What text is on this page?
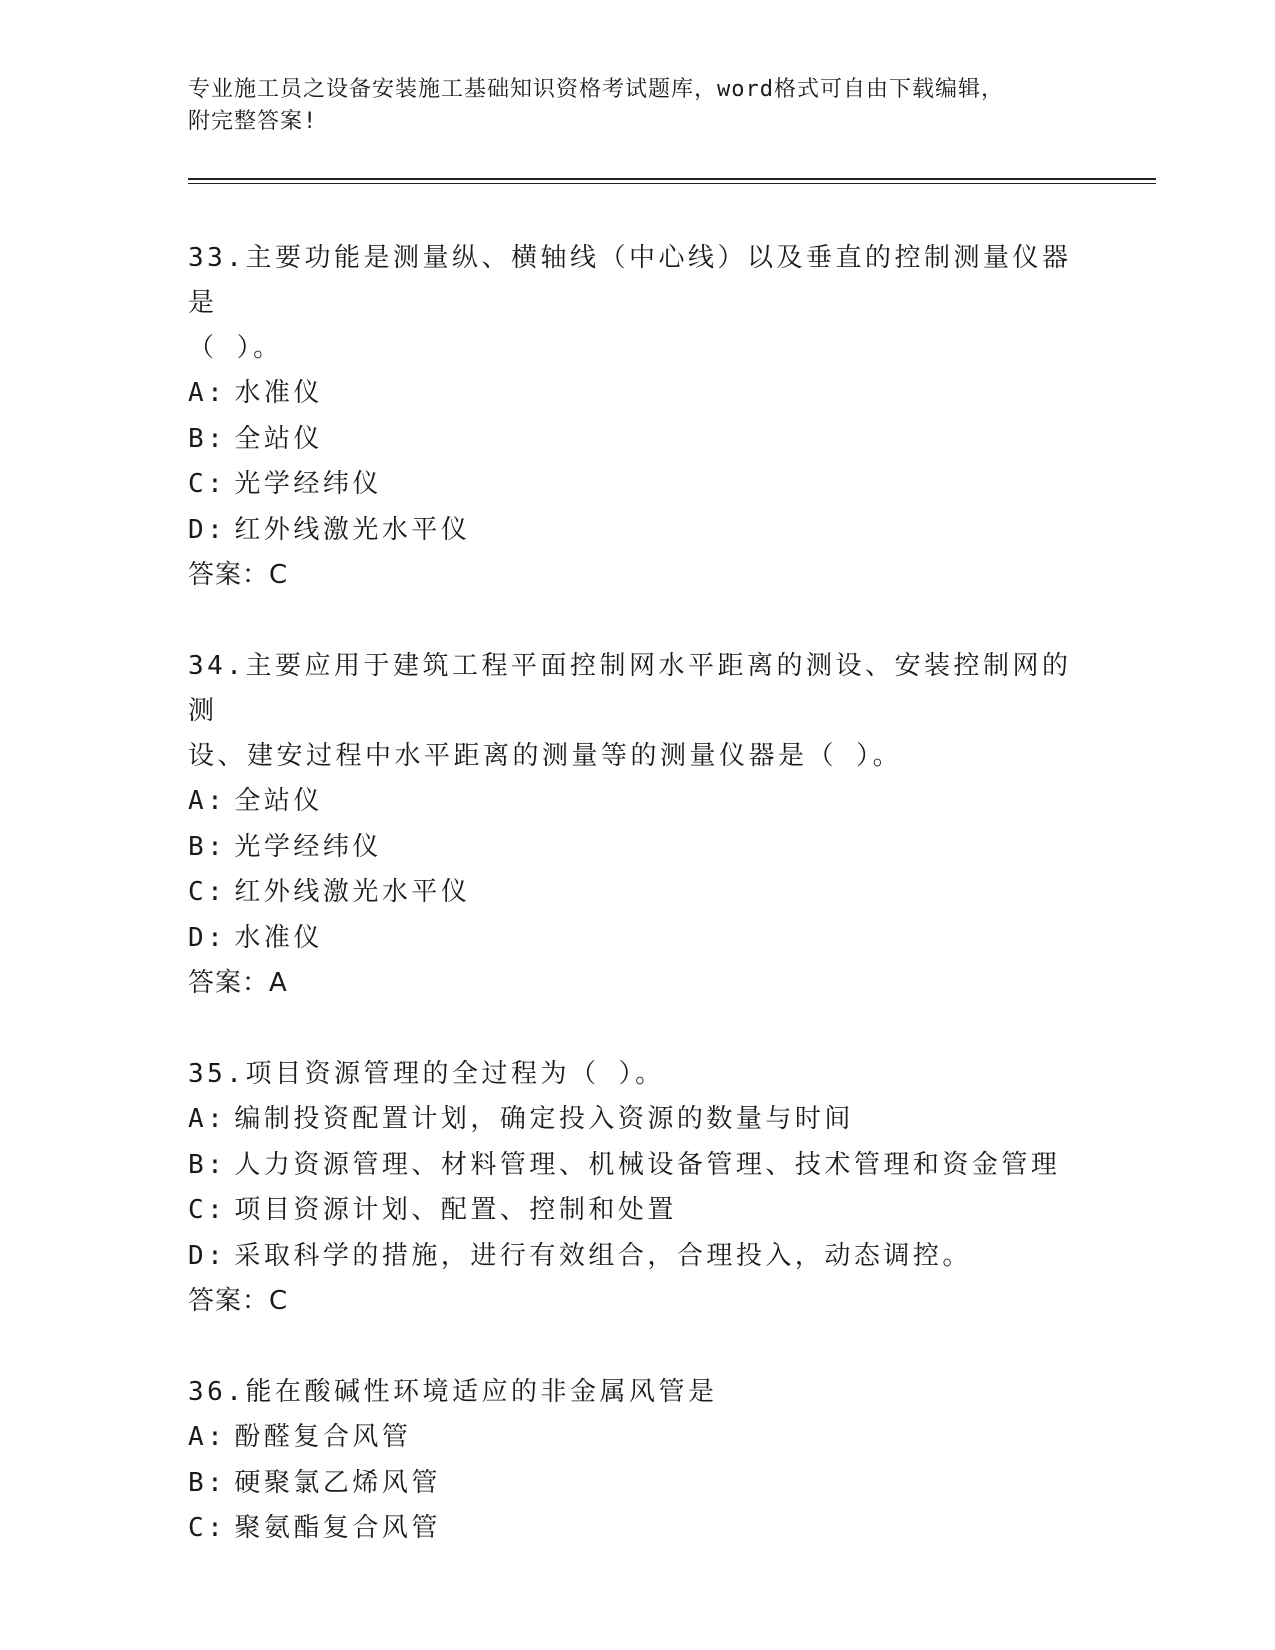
专业施工员之设备安装施工基础知识资格考试题库，word格式可自由下载编辑，
附完整答案!

33.主要功能是测量纵、横轴线（中心线）以及垂直的控制测量仪器是

（ ）。

A: 水准仪

B: 全站仪

C: 光学经纬仪

D: 红外线激光水平仪

答案：C

34.主要应用于建筑工程平面控制网水平距离的测设、安装控制网的测

设、建安过程中水平距离的测量等的测量仪器是（ ）。

A: 全站仪

B: 光学经纬仪

C: 红外线激光水平仪

D: 水准仪

答案：A

35.项目资源管理的全过程为（ ）。

A: 编制投资配置计划，确定投入资源的数量与时间

B: 人力资源管理、材料管理、机械设备管理、技术管理和资金管理

C: 项目资源计划、配置、控制和处置

D: 采取科学的措施，进行有效组合，合理投入，动态调控。

答案：C

36.能在酸碱性环境适应的非金属风管是

A: 酚醛复合风管

B: 硬聚氯乙烯风管

C: 聚氨酯复合风管
